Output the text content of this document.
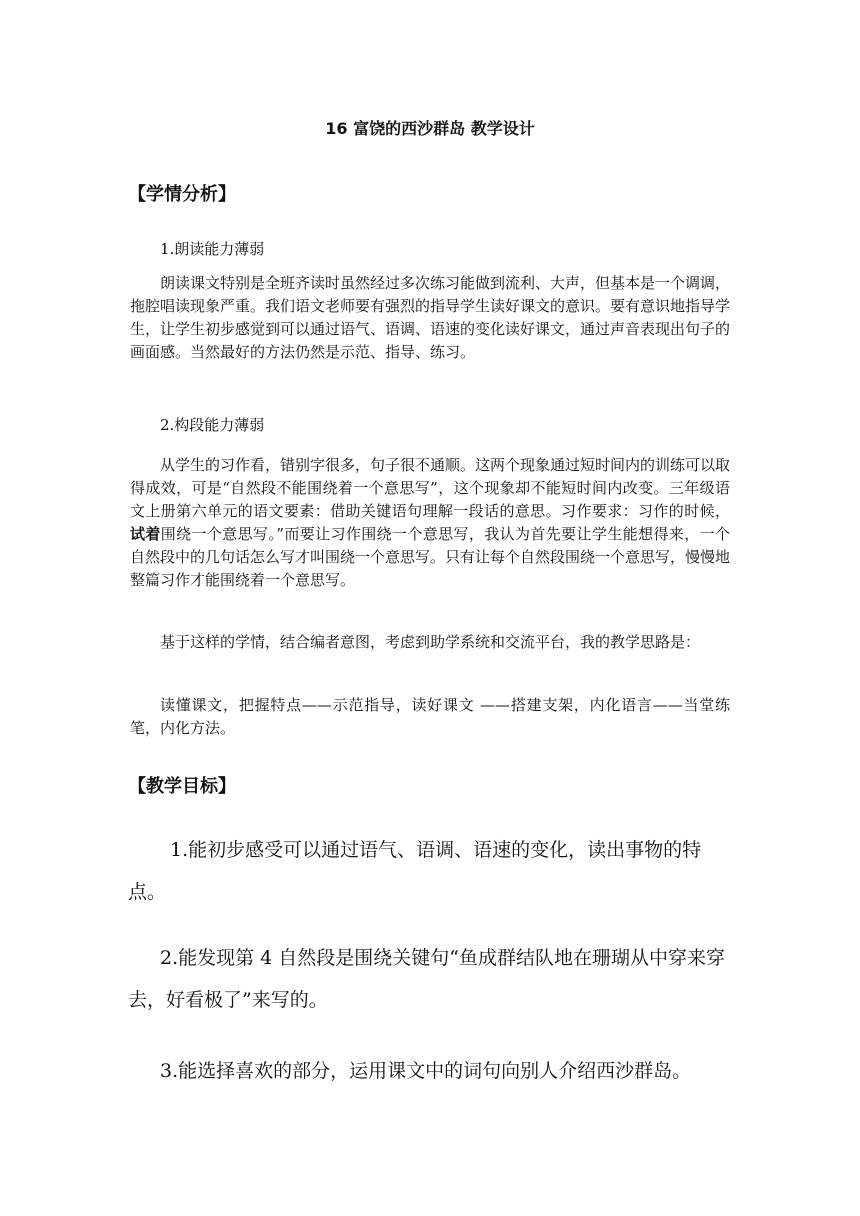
16 富饶的西沙群岛 教学设计
【学情分析】
1.朗读能力薄弱

朗读课文特别是全班齐读时虽然经过多次练习能做到流利、大声，但基本是一个调调，拖腔唱读现象严重。我们语文老师要有强烈的指导学生读好课文的意识。要有意识地指导学生，让学生初步感觉到可以通过语气、语调、语速的变化读好课文，通过声音表现出句子的画面感。当然最好的方法仍然是示范、指导、练习。

2.构段能力薄弱

从学生的习作看，错别字很多，句子很不通顺。这两个现象通过短时间内的训练可以取得成效，可是“自然段不能围绕着一个意思写”，这个现象却不能短时间内改变。三年级语文上册第六单元的语文要素：借助关键语句理解一段话的意思。习作要求：习作的时候，试着围绕一个意思写。”而要让习作围绕一个意思写，我认为首先要让学生能想得来，一个自然段中的几句话怎么写才叫围绕一个意思写。只有让每个自然段围绕一个意思写，慢慢地整篇习作才能围绕着一个意思写。

基于这样的学情，结合编者意图，考虑到助学系统和交流平台，我的教学思路是：

读懂课文，把握特点——示范指导，读好课文 ——搭建支架，内化语言——当堂练笔，内化方法。

【教学目标】

1.能初步感受可以通过语气、语调、语速的变化，读出事物的特点。

2.能发现第 4 自然段是围绕关键句“鱼成群结队地在珊瑚从中穿来穿去，好看极了”来写的。

3.能选择喜欢的部分，运用课文中的词句向别人介绍西沙群岛。
